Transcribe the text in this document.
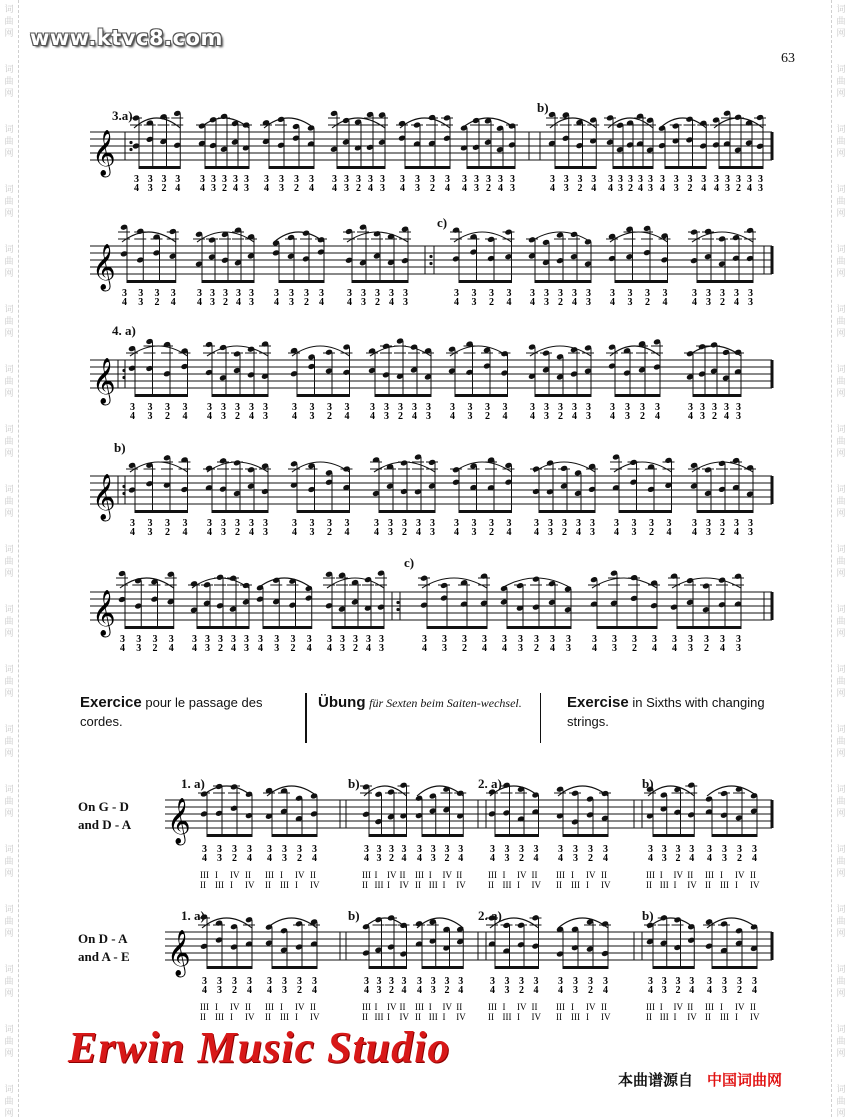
词
曲
网
词
曲
网
词
曲
网
词
曲
网
词
曲
网
词
曲
网
词
曲
网
词
曲
网
词
曲
网
词
曲
网
词
曲
网
词
曲
网
词
曲
网
词
曲
网
词
曲
网
词
曲
网
词
曲
网
词
曲
网
词
曲
网
词
曲
网
词
曲
网
词
曲
网
词
曲
网
词
曲
网
词
曲
网
词
曲
网
词
曲
网
词
曲
网
词
曲
网
词
曲
网
词
曲
网
词
曲
网
词
曲
网
词
曲
网
词
曲
网
词
曲
网
词
曲
网
词
曲
网
www.ktvc8.com
63
𝄞
3
4
3
3
3
2
3
4
3
4
3
3
3
2
3
4
3
3
3
4
3
3
3
2
3
4
3
4
3
3
3
2
3
4
3
3
3
4
3
3
3
2
3
4
3
4
3
3
3
2
3
4
3
3
3
4
3
3
3
2
3
4
3
4
3
3
3
2
3
4
3
3
3
4
3
3
3
2
3
4
3
4
3
3
3
2
3
4
3
3
𝄞
3
4
3
3
3
2
3
4
3
4
3
3
3
2
3
4
3
3
3
4
3
3
3
2
3
4
3
4
3
3
3
2
3
4
3
3
3
4
3
3
3
2
3
4
3
4
3
3
3
2
3
4
3
3
3
4
3
3
3
2
3
4
3
4
3
3
3
2
3
4
3
3
𝄞
3
4
3
3
3
2
3
4
3
4
3
3
3
2
3
4
3
3
3
4
3
3
3
2
3
4
3
4
3
3
3
2
3
4
3
3
3
4
3
3
3
2
3
4
3
4
3
3
3
2
3
4
3
3
3
4
3
3
3
2
3
4
3
4
3
3
3
2
3
4
3
3
𝄞
3
4
3
3
3
2
3
4
3
4
3
3
3
2
3
4
3
3
3
4
3
3
3
2
3
4
3
4
3
3
3
2
3
4
3
3
3
4
3
3
3
2
3
4
3
4
3
3
3
2
3
4
3
3
3
4
3
3
3
2
3
4
3
4
3
3
3
2
3
4
3
3
𝄞
3
4
3
3
3
2
3
4
3
4
3
3
3
2
3
4
3
3
3
4
3
3
3
2
3
4
3
4
3
3
3
2
3
4
3
3
3
4
3
3
3
2
3
4
3
4
3
3
3
2
3
4
3
3
3
4
3
3
3
2
3
4
3
4
3
3
3
2
3
4
3
3
𝄞
3
4
3
3
3
2
3
4
III
II
I
III
IV
I
II
IV
3
4
3
3
3
2
3
4
III
II
I
III
IV
I
II
IV
3
4
3
3
3
2
3
4
III
II
I
III
IV
I
II
IV
3
4
3
3
3
2
3
4
III
II
I
III
IV
I
II
IV
3
4
3
3
3
2
3
4
III
II
I
III
IV
I
II
IV
3
4
3
3
3
2
3
4
III
II
I
III
IV
I
II
IV
3
4
3
3
3
2
3
4
III
II
I
III
IV
I
II
IV
3
4
3
3
3
2
3
4
III
II
I
III
IV
I
II
IV
𝄞
3
4
3
3
3
2
3
4
III
II
I
III
IV
I
II
IV
3
4
3
3
3
2
3
4
III
II
I
III
IV
I
II
IV
3
4
3
3
3
2
3
4
III
II
I
III
IV
I
II
IV
3
4
3
3
3
2
3
4
III
II
I
III
IV
I
II
IV
3
4
3
3
3
2
3
4
III
II
I
III
IV
I
II
IV
3
4
3
3
3
2
3
4
III
II
I
III
IV
I
II
IV
3
4
3
3
3
2
3
4
III
II
I
III
IV
I
II
IV
3
4
3
3
3
2
3
4
III
II
I
III
IV
I
II
IV
3.a)
b)
c)
4. a)
b)
c)
Exercice pour le passage des cordes.
Übung für Sexten beim Saiten-wechsel.	Exercise in Sixths with changing strings.
On G - D
and D - A
On D - A
and A - E
1. a)	b)	2. a)	b)
1. a)	b)	2. a)	b)
Erwin Music Studio
本曲谱源自 中国词曲网
